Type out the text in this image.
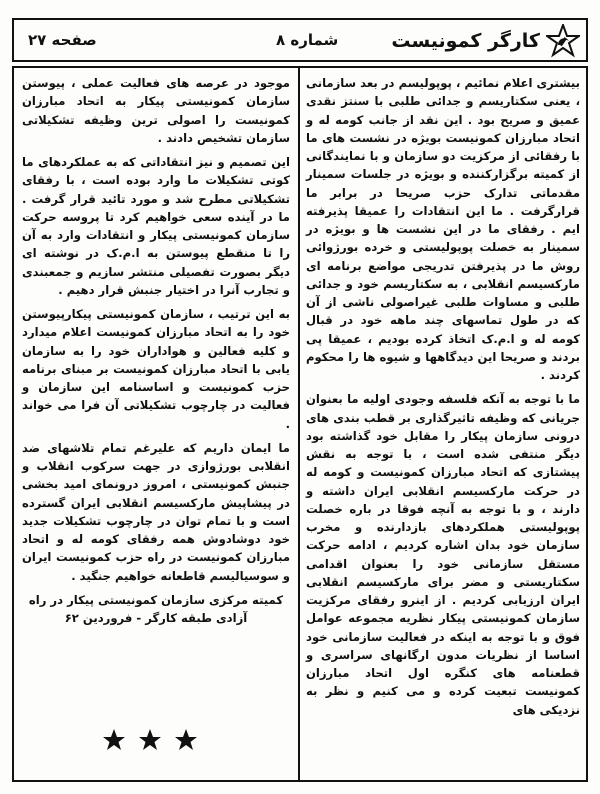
کارگر کمونیست
شماره ۸
صفحه ۲۷

بیشتری اعلام نمائیم ، پوپولیسم در بعد سازمانی ، یعنی سکتاریسم و جدائی طلبی با سنتز نقدی عمیق و صریح بود . این نقد از جانب کومه له و اتحاد مبارزان کمونیست بویژه در نشست های ما با رفقائی از مرکزیت دو سازمان و با نمایندگانی از کمیته برگزارکننده و بویژه در جلسات سمینار مقدماتی تدارک حزب صریحا در برابر ما قرارگرفت . ما این انتقادات را عمیقا پذیرفته ایم . رفقای ما در این نشست ها و بویژه در سمینار به خصلت پوپولیستی و خرده بورژوائی روش ما در پذیرفتن تدریجی مواضع برنامه ای مارکسیسم انقلابی ، به سکتاریسم خود و جدائی طلبی و مساوات طلبی غیراصولی ناشی از آن که در طول تماسهای چند ماهه خود در قبال کومه له و ا.م.ک اتخاذ کرده بودیم ، عمیقا پی بردند و صریحا این دیدگاهها و شیوه ها را محکوم کردند .

ما با توجه به آنکه فلسفه وجودی اولیه ما بعنوان جریانی که وظیفه تاثیرگذاری بر قطب بندی های درونی سازمان پیکار را مقابل خود گذاشته بود دیگر منتفی شده است ، با توجه به نقش پیشتازی که اتحاد مبارزان کمونیست و کومه له در حرکت مارکسیسم انقلابی ایران داشته و دارند ، و با توجه به آنچه فوقا در باره خصلت پوپولیستی هملکردهای بازدارنده و مخرب سازمان خود بدان اشاره کردیم ، ادامه حرکت مستقل سازمانی خود را بعنوان اقدامی سکتاریستی و مضر برای مارکسیسم انقلابی ایران ارزیابی کردیم . از اینرو رفقای مرکزیت سازمان کمونیستی پیکار نظریه مجموعه عوامل فوق و با توجه به اینکه در فعالیت سازمانی خود اساسا از نظریات مدون ارگانهای سراسری و قطعنامه های کنگره اول اتحاد مبارزان کمونیست تبعیت کرده و می کنیم و نظر به نزدیکی های

موجود در عرصه های فعالیت عملی ، پیوستن سازمان کمونیستی پیکار به اتحاد مبارزان کمونیست را اصولی ترین وظیفه تشکیلاتی سازمان تشخیص دادند .

این تصمیم و نیز انتقاداتی که به عملکردهای ما کوتی تشکیلات ما وارد بوده است ، با رفقای تشکیلاتی مطرح شد و مورد تائید قرار گرفت . ما در آینده سعی خواهیم کرد تا پروسه حرکت سازمان کمونیستی پیکار و انتقادات وارد به آن را تا منقطع پیوستن به ا.م.ک در نوشته ای دیگر بصورت تفصیلی منتشر سازیم و جمعبندی و تجارب آنرا در اختیار جنبش قرار دهیم .

به این ترتیب ، سازمان کمونیستی پیکارپیوستن خود را به اتحاد مبارزان کمونیست اعلام میدارد و کلیه فعالین و هواداران خود را به سازمان یابی با اتحاد مبارزان کمونیست بر مبنای برنامه حزب کمونیست و اساسنامه این سازمان و فعالیت در چارچوب تشکیلاتی آن فرا می خواند .

ما ایمان داریم که علیرغم تمام تلاشهای ضد انقلابی بورژوازی در جهت سرکوب انقلاب و جنبش کمونیستی ، امروز درونمای امید بخشی در پیشاپیش مارکسیسم انقلابی ایران گسترده است و با تمام توان در چارچوب تشکیلات جدید خود دوشادوش همه رفقای کومه له و اتحاد مبارزان کمونیست در راه حزب کمونیست ایران و سوسیالیسم قاطعانه خواهیم جنگید .

کمیته مرکزی سازمان کمونیستی پیکار در راه آزادی طبقه کارگر - فروردین ۶۲
